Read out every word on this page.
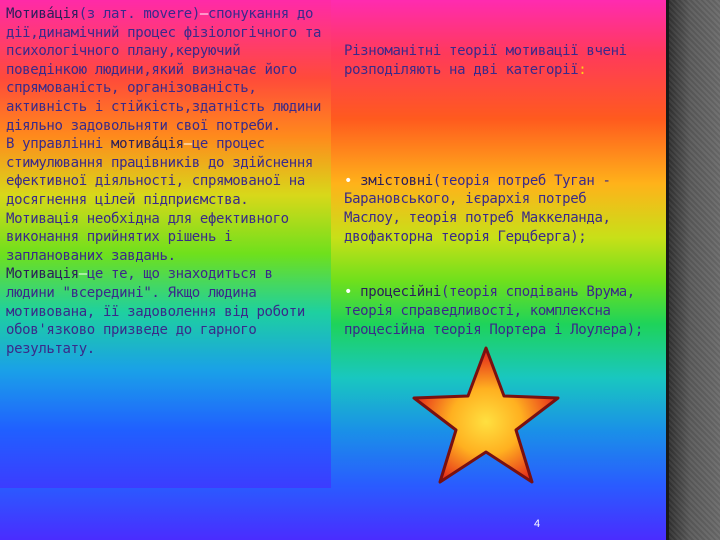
Мотива́ція(з лат. movere)—спонукання до дії,динамічний процес фізіологічного та психологічного плану,керуючий поведінкою людини,який визначає його спрямованість, організованість, активність і стійкість,здатність людини діяльно задовольняти свої потреби.
В управлінні мотива́ція—це процес стимулювання працівників до здійснення ефективної діяльності, спрямованої на досягнення цілей підприємства. Мотивація необхідна для ефективного виконання прийнятих рішень і запланованих завдань.
Мотивація—це те, що знаходиться в людини "всередині". Якщо людина мотивована, її задоволення від роботи обов'язково призведе до гарного результату.

Різноманітні теорії мотивації вчені розподіляють на дві категорії:

• змістовні(теорія потреб Туган - Барановського, ієрархія потреб Маслоу, теорія потреб Маккеланда, двофакторна теорія Герцберга);

• процесійні(теорія сподівань Врума, теорія справедливості, комплексна процесійна теорія Портера і Лоулера);

4
